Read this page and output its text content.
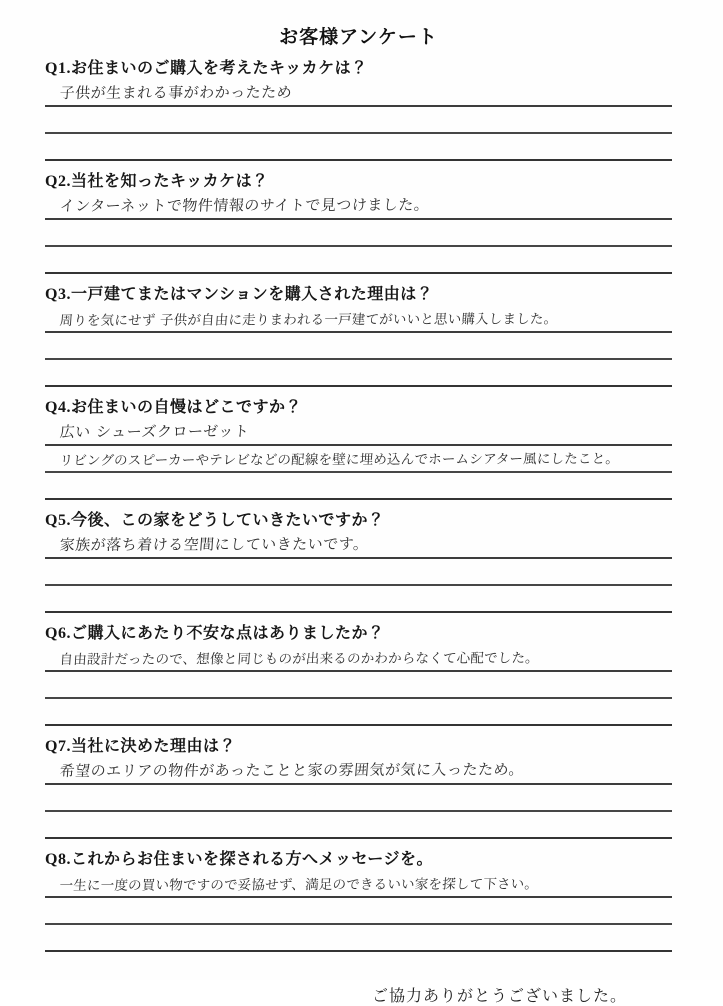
お客様アンケート
Q1.お住まいのご購入を考えたキッカケは？
子供が生まれる事がわかったため
Q2.当社を知ったキッカケは？
インターネットで物件情報のサイトで見つけました。
Q3.一戸建てまたはマンションを購入された理由は？
周りを気にせず 子供が自由に走りまわれる一戸建てがいいと思い購入しました。
Q4.お住まいの自慢はどこですか？
広い シューズクローゼット
リビングのスピーカーやテレビなどの配線を壁に埋め込んでホームシアター風にしたこと。
Q5.今後、この家をどうしていきたいですか？
家族が落ち着ける空間にしていきたいです。
Q6.ご購入にあたり不安な点はありましたか？
自由設計だったので、想像と同じものが出来るのかわからなくて心配でした。
Q7.当社に決めた理由は？
希望のエリアの物件があったことと家の雰囲気が気に入ったため。
Q8.これからお住まいを探される方へメッセージを。
一生に一度の買い物ですので妥協せず、満足のできるいい家を探して下さい。
ご協力ありがとうございました。
